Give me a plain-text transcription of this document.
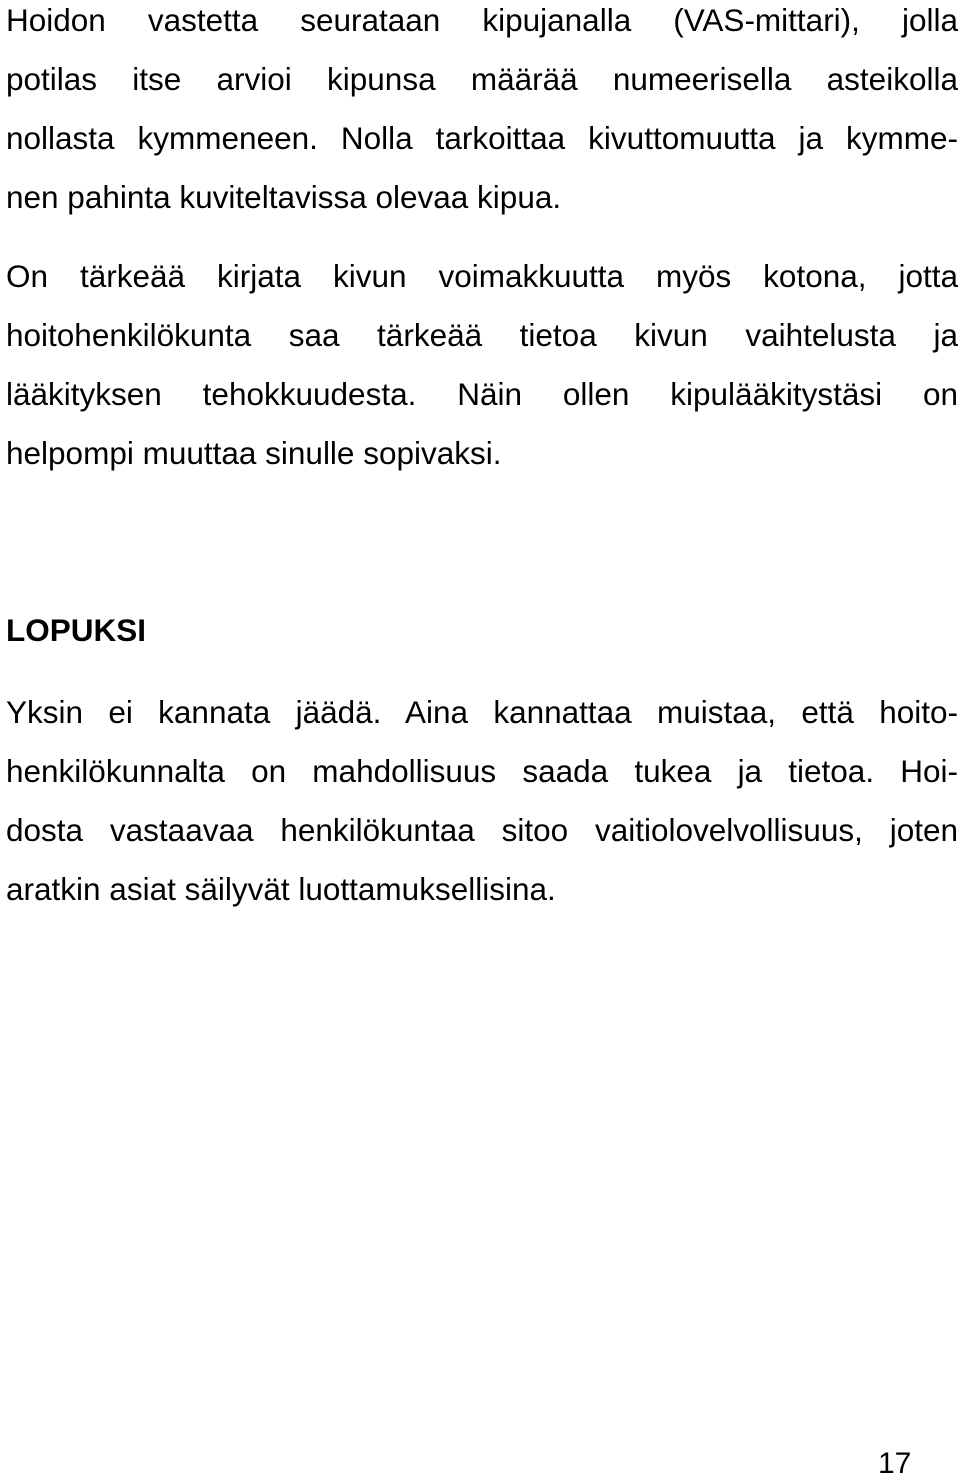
Hoidon vastetta seurataan kipujanalla (VAS-mittari), jolla

potilas itse arvioi kipunsa määrää numeerisella asteikolla

nollasta kymmeneen. Nolla tarkoittaa kivuttomuutta ja kymme-

nen pahinta kuviteltavissa olevaa kipua.

On tärkeää kirjata kivun voimakkuutta myös kotona, jotta

hoitohenkilökunta saa tärkeää tietoa kivun vaihtelusta ja

lääkityksen tehokkuudesta. Näin ollen kipulääkitystäsi on

helpompi muuttaa sinulle sopivaksi.

LOPUKSI

Yksin ei kannata jäädä. Aina kannattaa muistaa, että hoito-

henkilökunnalta on mahdollisuus saada tukea ja tietoa. Hoi-

dosta vastaavaa henkilökuntaa sitoo vaitiolovelvollisuus, joten

aratkin asiat säilyvät luottamuksellisina.

17
